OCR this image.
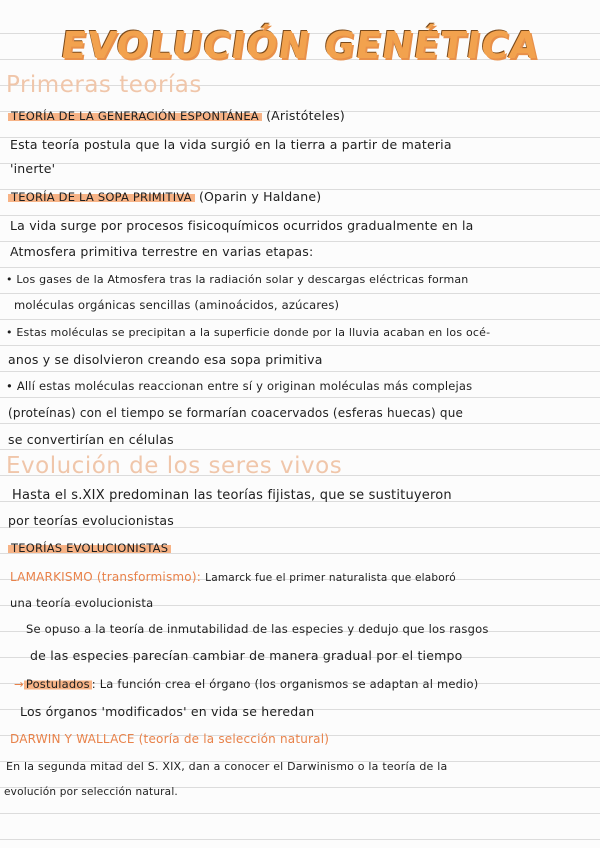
EVOLUCIÓN GENÉTICA
Primeras teorías
TEORÍA DE LA GENERACIÓN ESPONTÁNEA (Aristóteles)
Esta teoría postula que la vida surgió en la tierra a partir de materia
'inerte'
TEORÍA DE LA SOPA PRIMITIVA (Oparin y Haldane)
La vida surge por procesos fisicoquímicos ocurridos gradualmente en la
Atmosfera primitiva terrestre en varias etapas:
• Los gases de la Atmosfera tras la radiación solar y descargas eléctricas forman
moléculas orgánicas sencillas (aminoácidos, azúcares)
• Estas moléculas se precipitan a la superficie donde por la lluvia acaban en los océ-
anos y se disolvieron creando esa sopa primitiva
• Allí estas moléculas reaccionan entre sí y originan moléculas más complejas
(proteínas) con el tiempo se formarían coacervados (esferas huecas) que
se convertirían en células
Evolución de los seres vivos
Hasta el s.XIX predominan las teorías fijistas, que se sustituyeron
por teorías evolucionistas
TEORÍAS EVOLUCIONISTAS
LAMARKISMO (transformismo): Lamarck fue el primer naturalista que elaboró
una teoría evolucionista
Se opuso a la teoría de inmutabilidad de las especies y dedujo que los rasgos
de las especies parecían cambiar de manera gradual por el tiempo
→ Postulados : La función crea el órgano (los organismos se adaptan al medio)
Los órganos 'modificados' en vida se heredan
DARWIN Y WALLACE (teoría de la selección natural)
En la segunda mitad del S. XIX, dan a conocer el Darwinismo o la teoría de la
evolución por selección natural.
